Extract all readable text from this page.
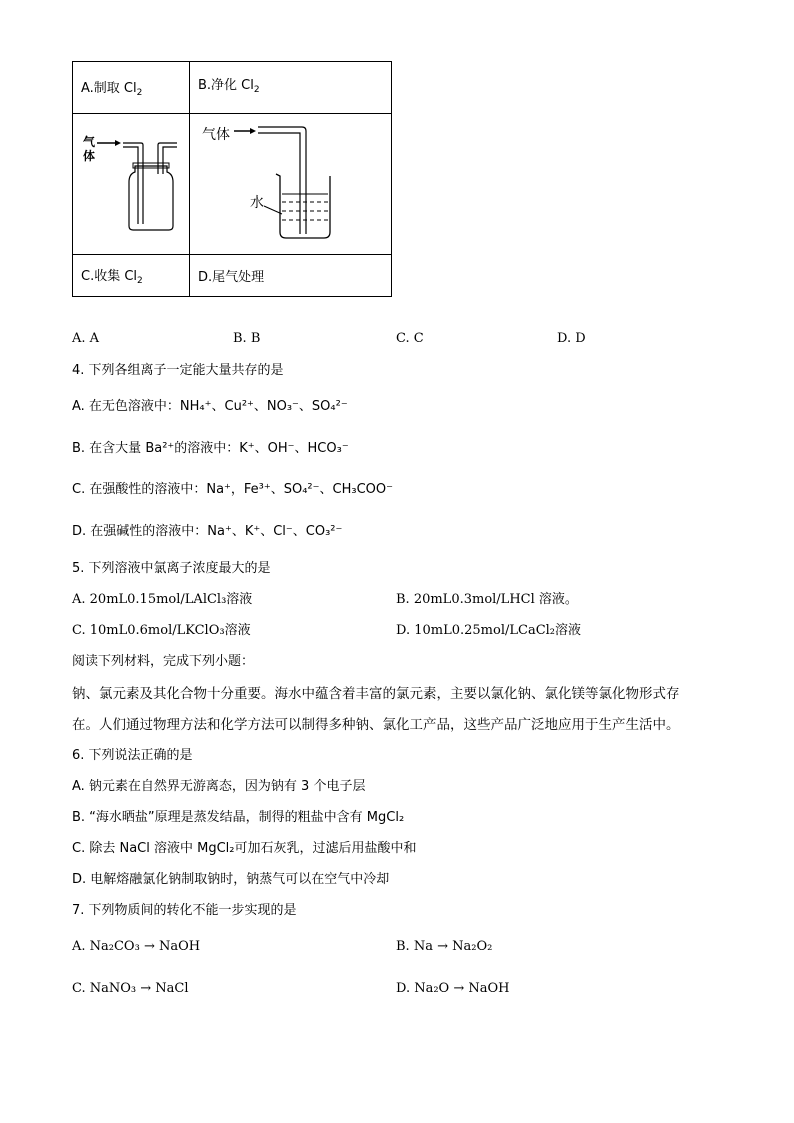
A.制取 $Cl_2$	B.净化 $Cl_2$

气
体	气体
水

C.收集 $Cl_2$	D.尾气处理
A. A	B. B	C. C	D. D
4. 下列各组离子一定能大量共存的是
A. 在无色溶液中：NH₄⁺、Cu²⁺、NO₃⁻、SO₄²⁻
B. 在含大量 Ba²⁺的溶液中：K⁺、OH⁻、HCO₃⁻
C. 在强酸性的溶液中：Na⁺，Fe³⁺、SO₄²⁻、CH₃COO⁻
D. 在强碱性的溶液中：Na⁺、K⁺、Cl⁻、CO₃²⁻
5. 下列溶液中氯离子浓度最大的是
A. 20mL0.15mol/LAlCl₃溶液	B. 20mL0.3mol/LHCl 溶液。
C. 10mL0.6mol/LKClO₃溶液	D. 10mL0.25mol/LCaCl₂溶液
阅读下列材料，完成下列小题：
钠、氯元素及其化合物十分重要。海水中蕴含着丰富的氯元素，主要以氯化钠、氯化镁等氯化物形式存
在。人们通过物理方法和化学方法可以制得多种钠、氯化工产品，这些产品广泛地应用于生产生活中。
6. 下列说法正确的是
A. 钠元素在自然界无游离态，因为钠有 3 个电子层
B. “海水晒盐”原理是蒸发结晶，制得的粗盐中含有 MgCl₂
C. 除去 NaCl 溶液中 MgCl₂可加石灰乳，过滤后用盐酸中和
D. 电解熔融氯化钠制取钠时，钠蒸气可以在空气中冷却
7. 下列物质间的转化不能一步实现的是
A. Na₂CO₃ → NaOH	B. Na → Na₂O₂
C. NaNO₃ → NaCl	D. Na₂O → NaOH
